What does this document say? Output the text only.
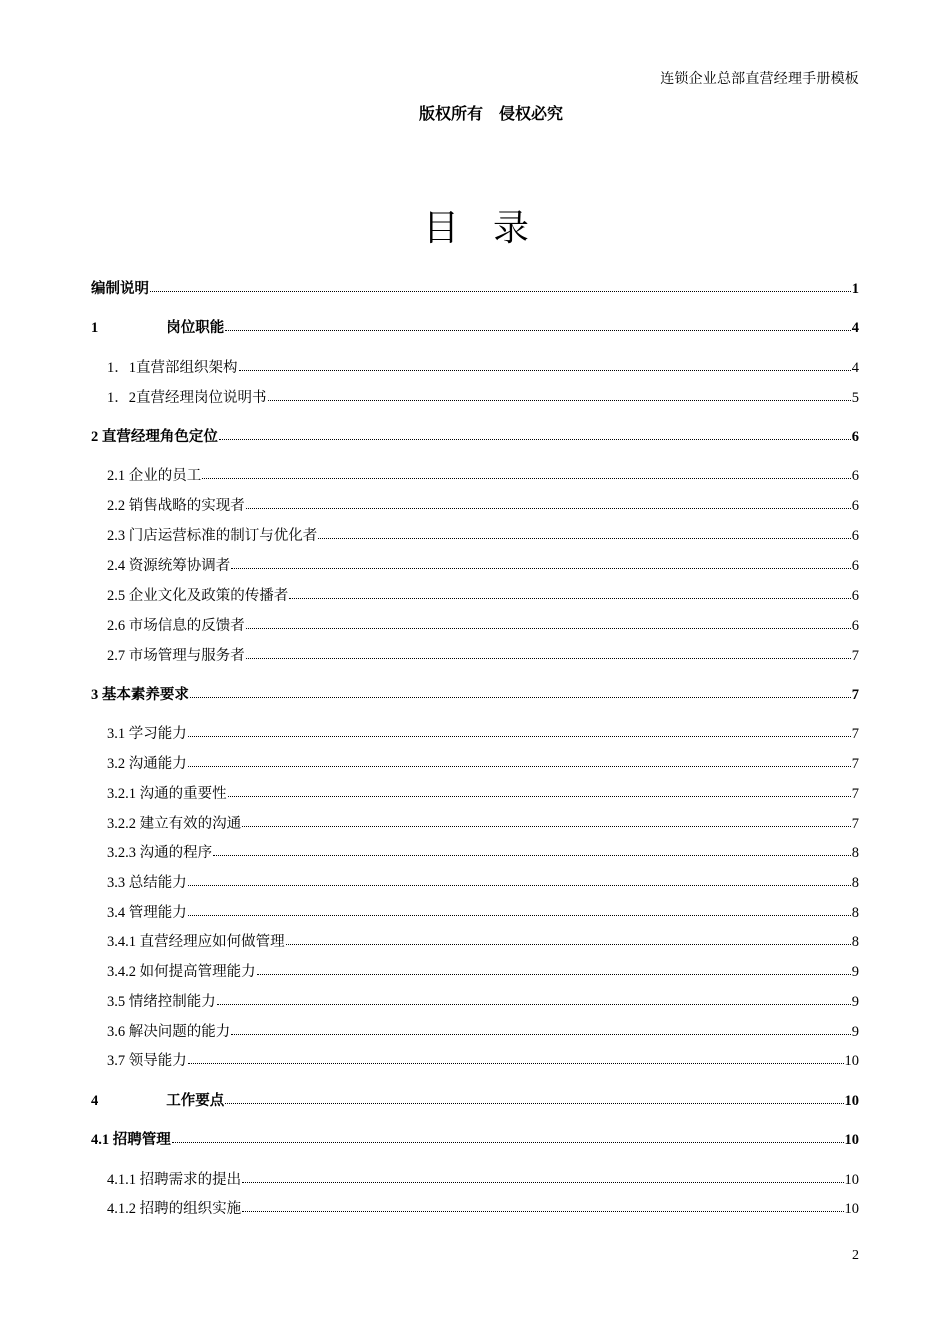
连锁企业总部直营经理手册模板
版权所有　侵权必究
目录
编制说明	1
1	岗位职能	4
1．1直营部组织架构	4
1．2直营经理岗位说明书	5
2 直营经理角色定位	6
2.1 企业的员工	6
2.2 销售战略的实现者	6
2.3 门店运营标准的制订与优化者	6
2.4 资源统筹协调者	6
2.5 企业文化及政策的传播者	6
2.6 市场信息的反馈者	6
2.7 市场管理与服务者	7
3 基本素养要求	7
3.1 学习能力	7
3.2 沟通能力	7
3.2.1 沟通的重要性	7
3.2.2 建立有效的沟通	7
3.2.3 沟通的程序	8
3.3 总结能力	8
3.4 管理能力	8
3.4.1 直营经理应如何做管理	8
3.4.2 如何提高管理能力	9
3.5 情绪控制能力	9
3.6 解决问题的能力	9
3.7 领导能力	10
4	工作要点	10
4.1 招聘管理	10
4.1.1 招聘需求的提出	10
4.1.2 招聘的组织实施	10
2
